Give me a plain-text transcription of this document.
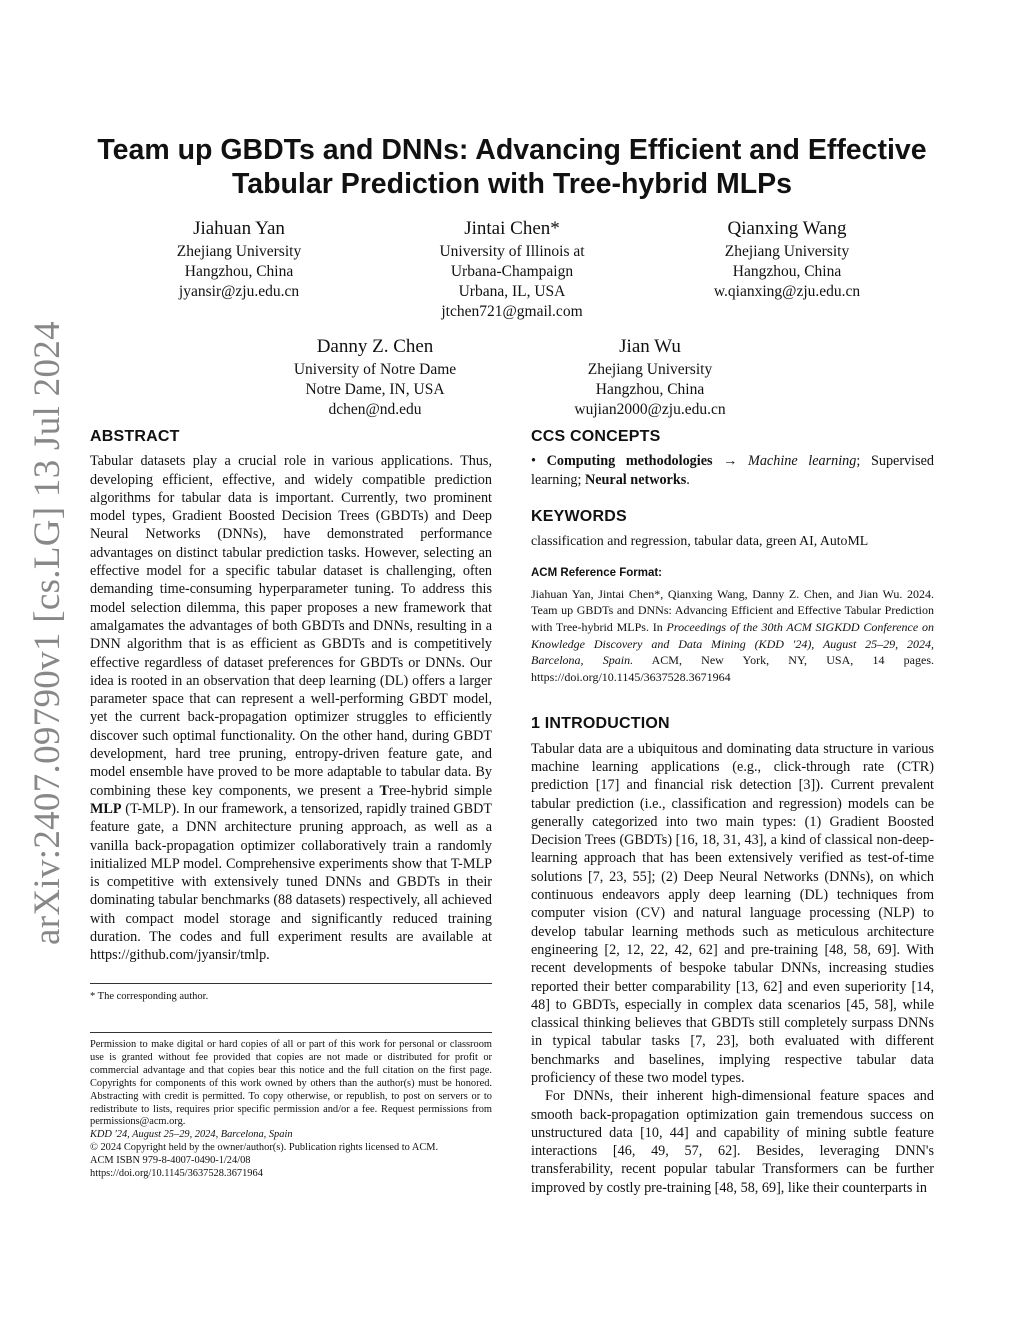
arXiv:2407.09790v1 [cs.LG] 13 Jul 2024
Team up GBDTs and DNNs: Advancing Efficient and Effective
Tabular Prediction with Tree-hybrid MLPs
Jiahuan Yan
Zhejiang University
Hangzhou, China
jyansir@zju.edu.cn
Jintai Chen*
University of Illinois at
Urbana-Champaign
Urbana, IL, USA
jtchen721@gmail.com
Qianxing Wang
Zhejiang University
Hangzhou, China
w.qianxing@zju.edu.cn
Danny Z. Chen
University of Notre Dame
Notre Dame, IN, USA
dchen@nd.edu
Jian Wu
Zhejiang University
Hangzhou, China
wujian2000@zju.edu.cn
ABSTRACT

Tabular datasets play a crucial role in various applications. Thus, developing efficient, effective, and widely compatible prediction algorithms for tabular data is important. Currently, two prominent model types, Gradient Boosted Decision Trees (GBDTs) and Deep Neural Networks (DNNs), have demonstrated performance advantages on distinct tabular prediction tasks. However, selecting an effective model for a specific tabular dataset is challenging, often demanding time-consuming hyperparameter tuning. To address this model selection dilemma, this paper proposes a new framework that amalgamates the advantages of both GBDTs and DNNs, resulting in a DNN algorithm that is as efficient as GBDTs and is competitively effective regardless of dataset preferences for GBDTs or DNNs. Our idea is rooted in an observation that deep learning (DL) offers a larger parameter space that can represent a well-performing GBDT model, yet the current back-propagation optimizer struggles to efficiently discover such optimal functionality. On the other hand, during GBDT development, hard tree pruning, entropy-driven feature gate, and model ensemble have proved to be more adaptable to tabular data. By combining these key components, we present a Tree-hybrid simple MLP (T-MLP). In our framework, a tensorized, rapidly trained GBDT feature gate, a DNN architecture pruning approach, as well as a vanilla back-propagation optimizer collaboratively train a randomly initialized MLP model. Comprehensive experiments show that T-MLP is competitive with extensively tuned DNNs and GBDTs in their dominating tabular benchmarks (88 datasets) respectively, all achieved with compact model storage and significantly reduced training duration. The codes and full experiment results are available at https://github.com/jyansir/tmlp.

* The corresponding author.
Permission to make digital or hard copies of all or part of this work for personal or classroom use is granted without fee provided that copies are not made or distributed for profit or commercial advantage and that copies bear this notice and the full citation on the first page. Copyrights for components of this work owned by others than the author(s) must be honored. Abstracting with credit is permitted. To copy otherwise, or republish, to post on servers or to redistribute to lists, requires prior specific permission and/or a fee. Request permissions from permissions@acm.org.
KDD '24, August 25–29, 2024, Barcelona, Spain
© 2024 Copyright held by the owner/author(s). Publication rights licensed to ACM.
ACM ISBN 979-8-4007-0490-1/24/08
https://doi.org/10.1145/3637528.3671964
CCS CONCEPTS

• Computing methodologies → Machine learning; Supervised learning; Neural networks.

KEYWORDS

classification and regression, tabular data, green AI, AutoML

ACM Reference Format:

Jiahuan Yan, Jintai Chen*, Qianxing Wang, Danny Z. Chen, and Jian Wu. 2024. Team up GBDTs and DNNs: Advancing Efficient and Effective Tabular Prediction with Tree-hybrid MLPs. In Proceedings of the 30th ACM SIGKDD Conference on Knowledge Discovery and Data Mining (KDD '24), August 25–29, 2024, Barcelona, Spain. ACM, New York, NY, USA, 14 pages. https://doi.org/10.1145/3637528.3671964

1 INTRODUCTION

Tabular data are a ubiquitous and dominating data structure in various machine learning applications (e.g., click-through rate (CTR) prediction [17] and financial risk detection [3]). Current prevalent tabular prediction (i.e., classification and regression) models can be generally categorized into two main types: (1) Gradient Boosted Decision Trees (GBDTs) [16, 18, 31, 43], a kind of classical non-deep-learning approach that has been extensively verified as test-of-time solutions [7, 23, 55]; (2) Deep Neural Networks (DNNs), on which continuous endeavors apply deep learning (DL) techniques from computer vision (CV) and natural language processing (NLP) to develop tabular learning methods such as meticulous architecture engineering [2, 12, 22, 42, 62] and pre-training [48, 58, 69]. With recent developments of bespoke tabular DNNs, increasing studies reported their better comparability [13, 62] and even superiority [14, 48] to GBDTs, especially in complex data scenarios [45, 58], while classical thinking believes that GBDTs still completely surpass DNNs in typical tabular tasks [7, 23], both evaluated with different benchmarks and baselines, implying respective tabular data proficiency of these two model types.

For DNNs, their inherent high-dimensional feature spaces and smooth back-propagation optimization gain tremendous success on unstructured data [10, 44] and capability of mining subtle feature interactions [46, 49, 57, 62]. Besides, leveraging DNN's transferability, recent popular tabular Transformers can be further improved by costly pre-training [48, 58, 69], like their counterparts in
